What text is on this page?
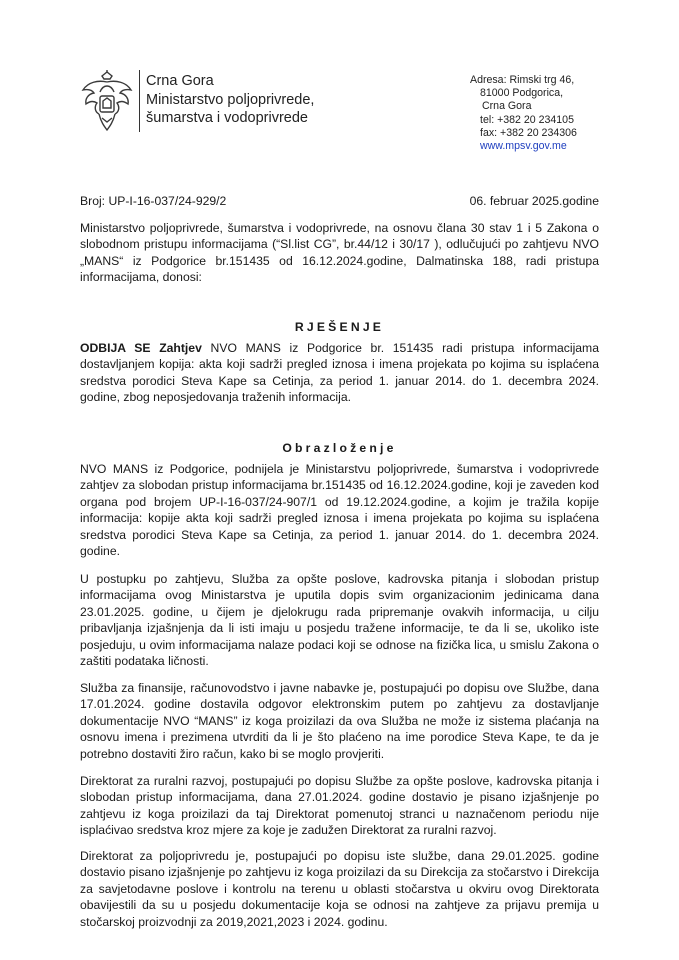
Crna Gora
Ministarstvo poljoprivrede,
šumarstva i vodoprivrede
Adresa: Rimski trg 46,
81000 Podgorica,
Crna Gora
tel: +382 20 234105
fax: +382 20 234306
www.mpsv.gov.me
Broj: UP-I-16-037/24-929/2	06. februar 2025.godine

Ministarstvo poljoprivrede, šumarstva i vodoprivrede, na osnovu člana 30 stav 1 i 5 Zakona o slobodnom pristupu informacijama (“Sl.list CG”, br.44/12 i 30/17 ), odlučujući po zahtjevu NVO „MANS“ iz Podgorice br.151435 od 16.12.2024.godine, Dalmatinska 188, radi pristupa informacijama, donosi:

RJEŠENJE

ODBIJA SE Zahtjev NVO MANS iz Podgorice br. 151435 radi pristupa informacijama dostavljanjem kopija: akta koji sadrži pregled iznosa i imena projekata po kojima su isplaćena sredstva porodici Steva Kape sa Cetinja, za period 1. januar 2014. do 1. decembra 2024. godine, zbog neposjedovanja traženih informacija.

Obrazloženje

NVO MANS iz Podgorice, podnijela je Ministarstvu poljoprivrede, šumarstva i vodoprivrede zahtjev za slobodan pristup informacijama br.151435 od 16.12.2024.godine, koji je zaveden kod organa pod brojem UP-I-16-037/24-907/1 od 19.12.2024.godine, a kojim je tražila kopije informacija: kopije akta koji sadrži pregled iznosa i imena projekata po kojima su isplaćena sredstva porodici Steva Kape sa Cetinja, za period 1. januar 2014. do 1. decembra 2024. godine.

U postupku po zahtjevu, Služba za opšte poslove, kadrovska pitanja i slobodan pristup informacijama ovog Ministarstva je uputila dopis svim organizacionim jedinicama dana 23.01.2025. godine, u čijem je djelokrugu rada pripremanje ovakvih informacija, u cilju pribavljanja izjašnjenja da li isti imaju u posjedu tražene informacije, te da li se, ukoliko iste posjeduju, u ovim informacijama nalaze podaci koji se odnose na fizička lica, u smislu Zakona o zaštiti podataka ličnosti.

Služba za finansije, računovodstvo i javne nabavke je, postupajući po dopisu ove Službe, dana 17.01.2024. godine dostavila odgovor elektronskim putem po zahtjevu za dostavljanje dokumentacije NVO “MANS” iz koga proizilazi da ova Služba ne može iz sistema plaćanja na osnovu imena i prezimena utvrditi da li je što plaćeno na ime porodice Steva Kape, te da je potrebno dostaviti žiro račun, kako bi se moglo provjeriti.

Direktorat za ruralni razvoj, postupajući po dopisu Službe za opšte poslove, kadrovska pitanja i slobodan pristup informacijama, dana 27.01.2024. godine dostavio je pisano izjašnjenje po zahtjevu iz koga proizilazi da taj Direktorat pomenutoj stranci u naznačenom periodu nije isplaćivao sredstva kroz mjere za koje je zadužen Direktorat za ruralni razvoj.

Direktorat za poljoprivredu je, postupajući po dopisu iste službe, dana 29.01.2025. godine dostavio pisano izjašnjenje po zahtjevu iz koga proizilazi da su Direkcija za stočarstvo i Direkcija za savjetodavne poslove i kontrolu na terenu u oblasti stočarstva u okviru ovog Direktorata obavijestili da su u posjedu dokumentacije koja se odnosi na zahtjeve za prijavu premija u stočarskoj proizvodnji za 2019,2021,2023 i 2024. godinu.
